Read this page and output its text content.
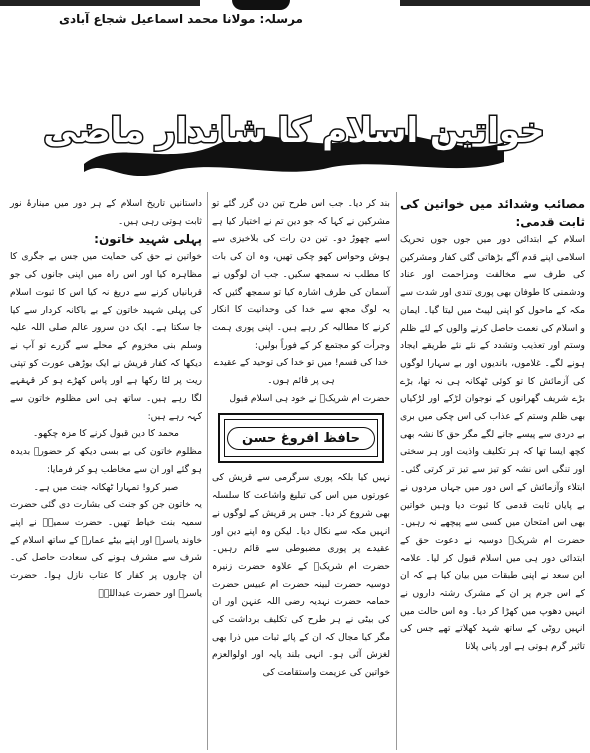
مرسلہ: مولانا محمد اسماعیل شجاع آبادی
خواتین اسلام کا شاندار ماضی

مصائب وشدائد میں خواتین کی ثابت قدمی:

اسلام کے ابتدائی دور میں جوں جوں تحریک اسلامی اپنے قدم آگے بڑھاتی گئی کفار ومشرکین کی طرف سے مخالفت ومزاحمت اور عناد ودشمنی کا طوفان بھی پوری تندی اور شدت سے مکہ کے ماحول کو اپنی لپیٹ میں لیتا گیا۔ ایمان و اسلام کی نعمت حاصل کرنے والوں کے لئے ظلم وستم اور تعذیب وتشدد کے نئے نئے طریقے ایجاد ہونے لگے۔ غلاموں، باندیوں اور بے سہارا لوگوں کی آزمائش کا تو کوئی ٹھکانہ ہی نہ تھا، بڑے بڑے شریف گھرانوں کے نوجوان لڑکے اور لڑکیاں بھی ظلم وستم کے عذاب کی اس چکی میں بری بے دردی سے پیسے جانے لگے مگر حق کا نشہ بھی کچھ ایسا تھا کہ ہر تکلیف واذیت اور ہر سختی اور تنگی اس نشہ کو تیز سے تیز تر کرتی گئی۔ ابتلاء وآزمائش کے اس دور میں جہاں مردوں نے بے پایاں ثابت قدمی کا ثبوت دیا وہیں خواتین بھی اس امتحان میں کسی سے پیچھے نہ رہیں۔ حضرت ام شریکؓ دوسیہ نے دعوت حق کے ابتدائی دور ہی میں اسلام قبول کر لیا۔ علامہ ابن سعد نے اپنی طبقات میں بیان کیا ہے کہ ان کے اس جرم پر ان کے مشرک رشتہ داروں نے انہیں دھوپ میں کھڑا کر دیا۔ وہ اس حالت میں انہیں روٹی کے ساتھ شہد کھلاتے تھے جس کی تاثیر گرم ہوتی ہے اور پانی پلانا

بند کر دیا۔ جب اس طرح تین دن گزر گئے تو مشرکین نے کہا کہ جو دین تم نے اختیار کیا ہے اسے چھوڑ دو۔ تین دن رات کی بلاخیزی سے ہوش وحواس کھو چکی تھیں، وہ ان کی بات کا مطلب نہ سمجھ سکیں۔ جب ان لوگوں نے آسمان کی طرف اشارہ کیا تو سمجھ گئیں کہ یہ لوگ مجھ سے خدا کی وحدانیت کا انکار کرنے کا مطالبہ کر رہے ہیں۔ اپنی پوری ہمت وجرأت کو مجتمع کر کے فوراً بولیں:

خدا کی قسم! میں تو خدا کی توحید کے عقیدے ہی پر قائم ہوں۔

حضرت ام شریکؓ نے خود ہی اسلام قبول

حافظ افروغ حسن

نہیں کیا بلکہ پوری سرگرمی سے قریش کی عورتوں میں اس کی تبلیغ واشاعت کا سلسلہ بھی شروع کر دیا۔ جس پر قریش کے لوگوں نے انہیں مکہ سے نکال دیا۔ لیکن وہ اپنے دین اور عقیدے پر پوری مضبوطی سے قائم رہیں۔ حضرت ام شریکؓ کے علاوہ حضرت زنیرہ دوسیہ حضرت لبینہ حضرت ام عبیس حضرت حمامہ حضرت نہدیہ رضی اللہ عنہن اور ان کی بیٹی نے ہر طرح کی تکلیف برداشت کی مگر کیا مجال کہ ان کے پائے ثبات میں ذرا بھی لغزش آئی ہو۔ انہی بلند پایہ اور اولوالعزم خواتین کی عزیمت واستقامت کی

داستانیں تاریخ اسلام کے ہر دور میں مینارۂ نور ثابت ہوتی رہی ہیں۔

پہلی شہید خاتون:

خواتین نے حق کی حمایت میں جس بے جگری کا مظاہرہ کیا اور اس راہ میں اپنی جانوں کی جو قربانیاں کرنے سے دریغ نہ کیا اس کا ثبوت اسلام کی پہلی شہید خاتون کے بے باکانہ کردار سے کیا جا سکتا ہے۔ ایک دن سرور عالم صلی اللہ علیہ وسلم بنی مخزوم کے محلے سے گزرے تو آپ نے دیکھا کہ کفار قریش نے ایک بوڑھی عورت کو تپتی ریت پر لٹا رکھا ہے اور پاس کھڑے ہو کر قہقہے لگا رہے ہیں۔ ساتھ ہی اس مظلوم خاتون سے کہہ رہے ہیں:

محمد کا دین قبول کرنے کا مزہ چکھو۔

مظلوم خاتون کی بے بسی دیکھ کر حضورؐ بدیدہ ہو گئے اور ان سے مخاطب ہو کر فرمایا:

صبر کرو! تمہارا ٹھکانہ جنت میں ہے۔

یہ خاتون جن کو جنت کی بشارت دی گئی حضرت سمیہ بنت خیاط تھیں۔ حضرت سمیہؓ نے اپنے خاوند یاسرؓ اور اپنے بیٹے عمارؓ کے ساتھ اسلام کے شرف سے مشرف ہونے کی سعادت حاصل کی۔ ان چاروں پر کفار کا عتاب نازل ہوا۔ حضرت یاسرؓ اور حضرت عبداللہؓ
